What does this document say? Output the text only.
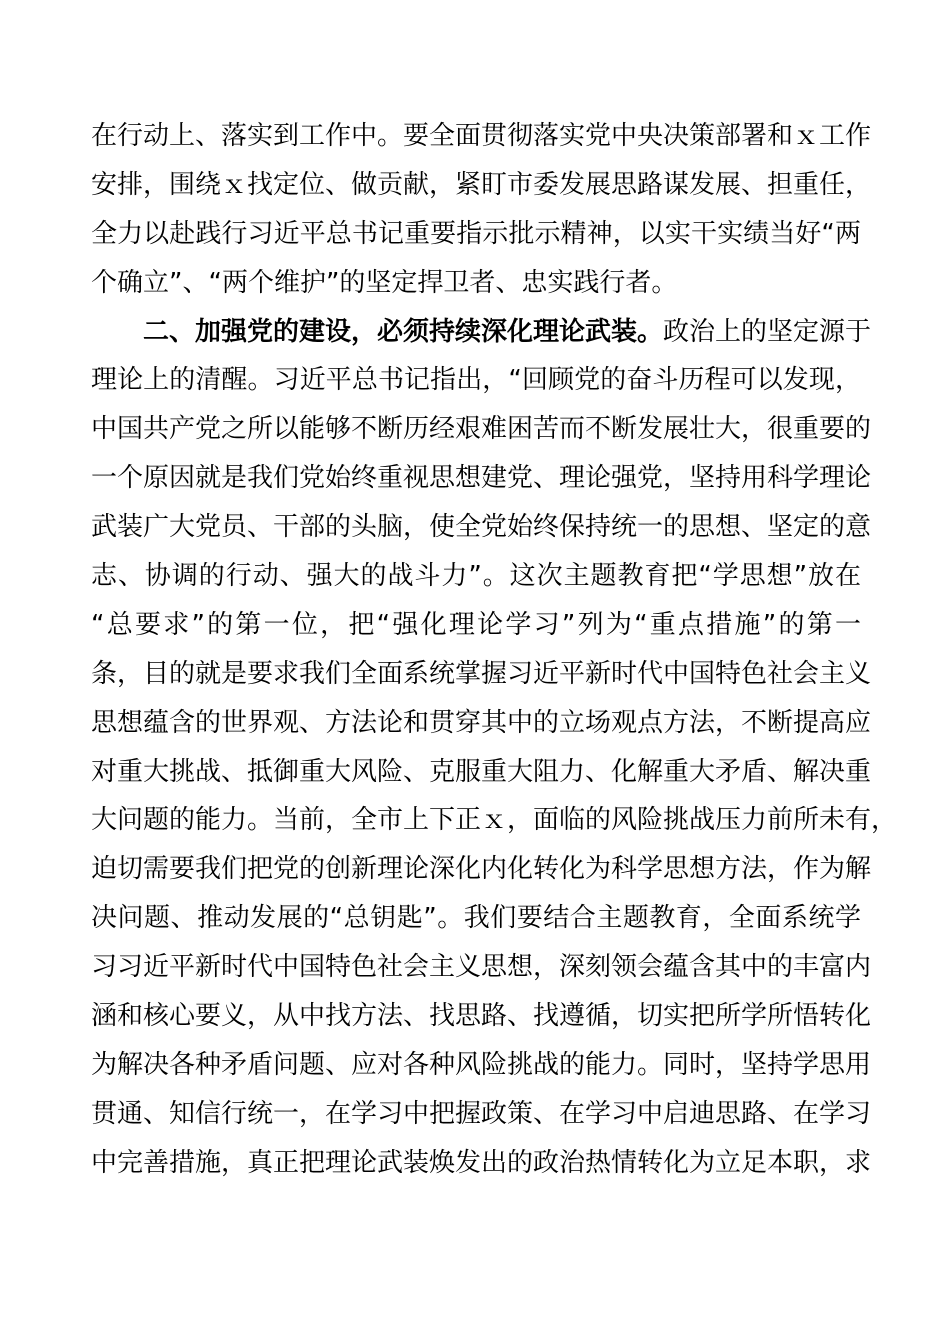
在行动上、落实到工作中。要全面贯彻落实党中央决策部署和ｘ工作
安排，围绕ｘ找定位、做贡献，紧盯市委发展思路谋发展、担重任，
全力以赴践行习近平总书记重要指示批示精神，以实干实绩当好“两
个确立”、“两个维护”的坚定捍卫者、忠实践行者。
二、加强党的建设，必须持续深化理论武装。政治上的坚定源于
理论上的清醒。习近平总书记指出，“回顾党的奋斗历程可以发现，
中国共产党之所以能够不断历经艰难困苦而不断发展壮大，很重要的
一个原因就是我们党始终重视思想建党、理论强党，坚持用科学理论
武装广大党员、干部的头脑，使全党始终保持统一的思想、坚定的意
志、协调的行动、强大的战斗力”。这次主题教育把“学思想”放在
“总要求”的第一位，把“强化理论学习”列为“重点措施”的第一
条，目的就是要求我们全面系统掌握习近平新时代中国特色社会主义
思想蕴含的世界观、方法论和贯穿其中的立场观点方法，不断提高应
对重大挑战、抵御重大风险、克服重大阻力、化解重大矛盾、解决重
大问题的能力。当前，全市上下正ｘ，面临的风险挑战压力前所未有，
迫切需要我们把党的创新理论深化内化转化为科学思想方法，作为解
决问题、推动发展的“总钥匙”。我们要结合主题教育，全面系统学
习习近平新时代中国特色社会主义思想，深刻领会蕴含其中的丰富内
涵和核心要义，从中找方法、找思路、找遵循，切实把所学所悟转化
为解决各种矛盾问题、应对各种风险挑战的能力。同时，坚持学思用
贯通、知信行统一，在学习中把握政策、在学习中启迪思路、在学习
中完善措施，真正把理论武装焕发出的政治热情转化为立足本职，求
